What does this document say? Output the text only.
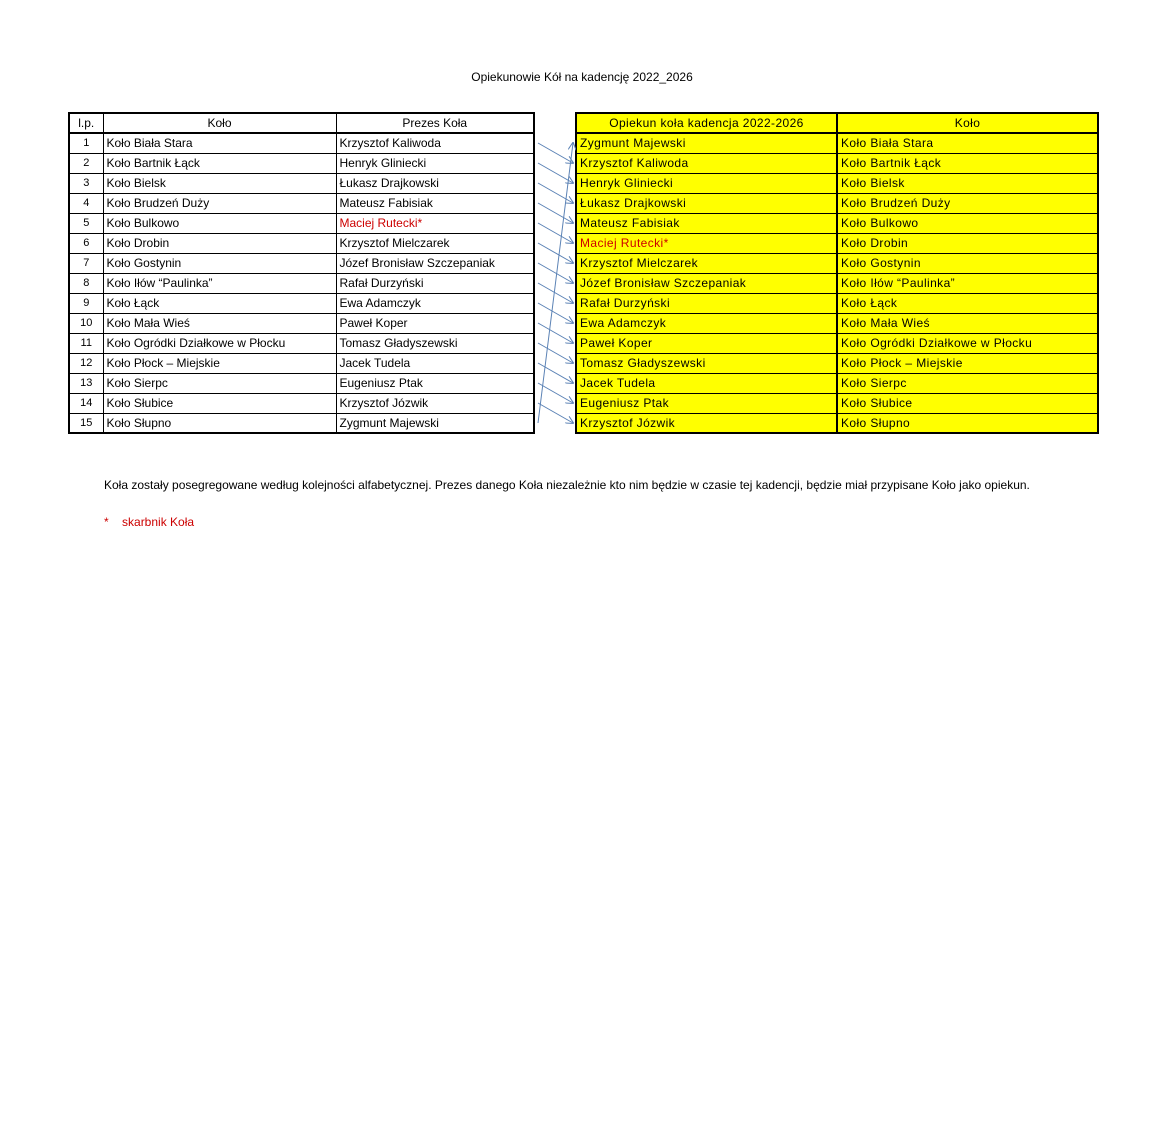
Opiekunowie Kół na kadencję 2022_2026
l.p.	Koło	Prezes Koła
1	Koło Biała Stara	Krzysztof Kaliwoda
2	Koło Bartnik Łąck	Henryk Gliniecki
3	Koło Bielsk	Łukasz Drajkowski
4	Koło Brudzeń Duży	Mateusz Fabisiak
5	Koło Bulkowo	Maciej Rutecki*
6	Koło Drobin	Krzysztof Mielczarek
7	Koło Gostynin	Józef Bronisław Szczepaniak
8	Koło Iłów “Paulinka”	Rafał Durzyński
9	Koło Łąck	Ewa Adamczyk
10	Koło Mała Wieś	Paweł Koper
11	Koło Ogródki Działkowe w Płocku	Tomasz Gładyszewski
12	Koło Płock – Miejskie	Jacek Tudela
13	Koło Sierpc	Eugeniusz Ptak
14	Koło Słubice	Krzysztof Józwik
15	Koło Słupno	Zygmunt Majewski
Opiekun koła kadencja 2022-2026	Koło
Zygmunt Majewski	Koło Biała Stara
Krzysztof Kaliwoda	Koło Bartnik Łąck
Henryk Gliniecki	Koło Bielsk
Łukasz Drajkowski	Koło Brudzeń Duży
Mateusz Fabisiak	Koło Bulkowo
Maciej Rutecki*	Koło Drobin
Krzysztof Mielczarek	Koło Gostynin
Józef Bronisław Szczepaniak	Koło Iłów “Paulinka”
Rafał Durzyński	Koło Łąck
Ewa Adamczyk	Koło Mała Wieś
Paweł Koper	Koło Ogródki Działkowe w Płocku
Tomasz Gładyszewski	Koło Płock – Miejskie
Jacek Tudela	Koło Sierpc
Eugeniusz Ptak	Koło Słubice
Krzysztof Józwik	Koło Słupno
Koła zostały posegregowane według kolejności alfabetycznej. Prezes danego Koła niezależnie kto nim będzie w czasie tej kadencji, będzie miał przypisane Koło jako opiekun.
* skarbnik Koła
